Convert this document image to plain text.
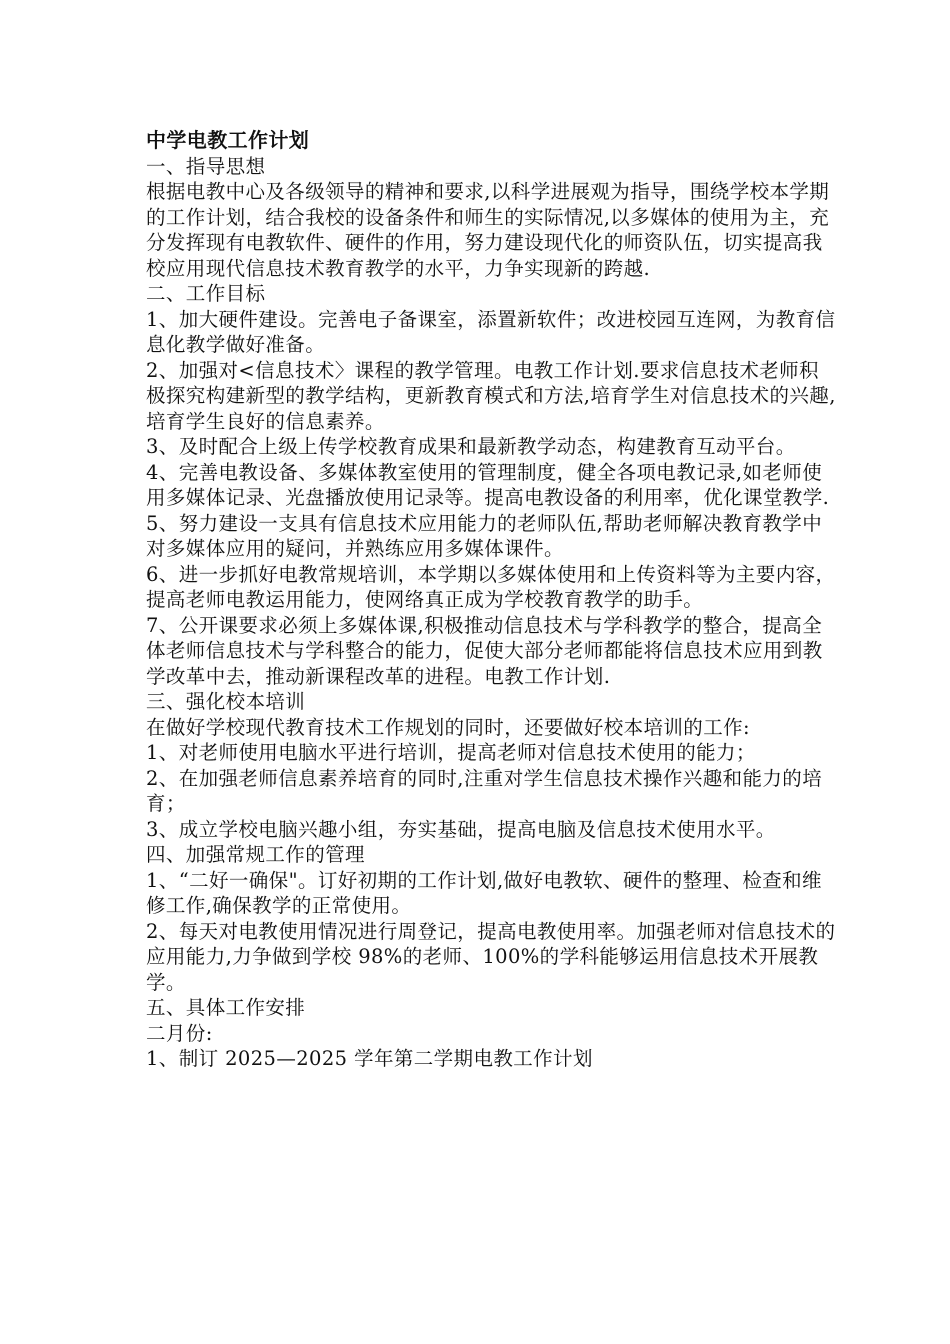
中学电教工作计划

一、指导思想

根据电教中心及各级领导的精神和要求,以科学进展观为指导，围绕学校本学期的工作计划，结合我校的设备条件和师生的实际情况,以多媒体的使用为主，充分发挥现有电教软件、硬件的作用，努力建设现代化的师资队伍，切实提高我校应用现代信息技术教育教学的水平，力争实现新的跨越.

二、工作目标

1、加大硬件建设。完善电子备课室，添置新软件；改进校园互连网，为教育信息化教学做好准备。

2、加强对<信息技术〉课程的教学管理。电教工作计划.要求信息技术老师积极探究构建新型的教学结构，更新教育模式和方法,培育学生对信息技术的兴趣,培育学生良好的信息素养。

3、及时配合上级上传学校教育成果和最新教学动态，构建教育互动平台。

4、完善电教设备、多媒体教室使用的管理制度，健全各项电教记录,如老师使用多媒体记录、光盘播放使用记录等。提高电教设备的利用率，优化课堂教学.

5、努力建设一支具有信息技术应用能力的老师队伍,帮助老师解决教育教学中对多媒体应用的疑问，并熟练应用多媒体课件。

6、进一步抓好电教常规培训，本学期以多媒体使用和上传资料等为主要内容，提高老师电教运用能力，使网络真正成为学校教育教学的助手。

7、公开课要求必须上多媒体课,积极推动信息技术与学科教学的整合，提高全体老师信息技术与学科整合的能力，促使大部分老师都能将信息技术应用到教学改革中去，推动新课程改革的进程。电教工作计划.

三、强化校本培训

在做好学校现代教育技术工作规划的同时，还要做好校本培训的工作:

1、对老师使用电脑水平进行培训，提高老师对信息技术使用的能力；

2、在加强老师信息素养培育的同时,注重对学生信息技术操作兴趣和能力的培育；

3、成立学校电脑兴趣小组，夯实基础，提高电脑及信息技术使用水平。

四、加强常规工作的管理

1、“二好一确保"。订好初期的工作计划,做好电教软、硬件的整理、检查和维修工作,确保教学的正常使用。

2、每天对电教使用情况进行周登记，提高电教使用率。加强老师对信息技术的应用能力,力争做到学校 98%的老师、100%的学科能够运用信息技术开展教学。

五、具体工作安排

二月份:

1、制订 2025—2025 学年第二学期电教工作计划
